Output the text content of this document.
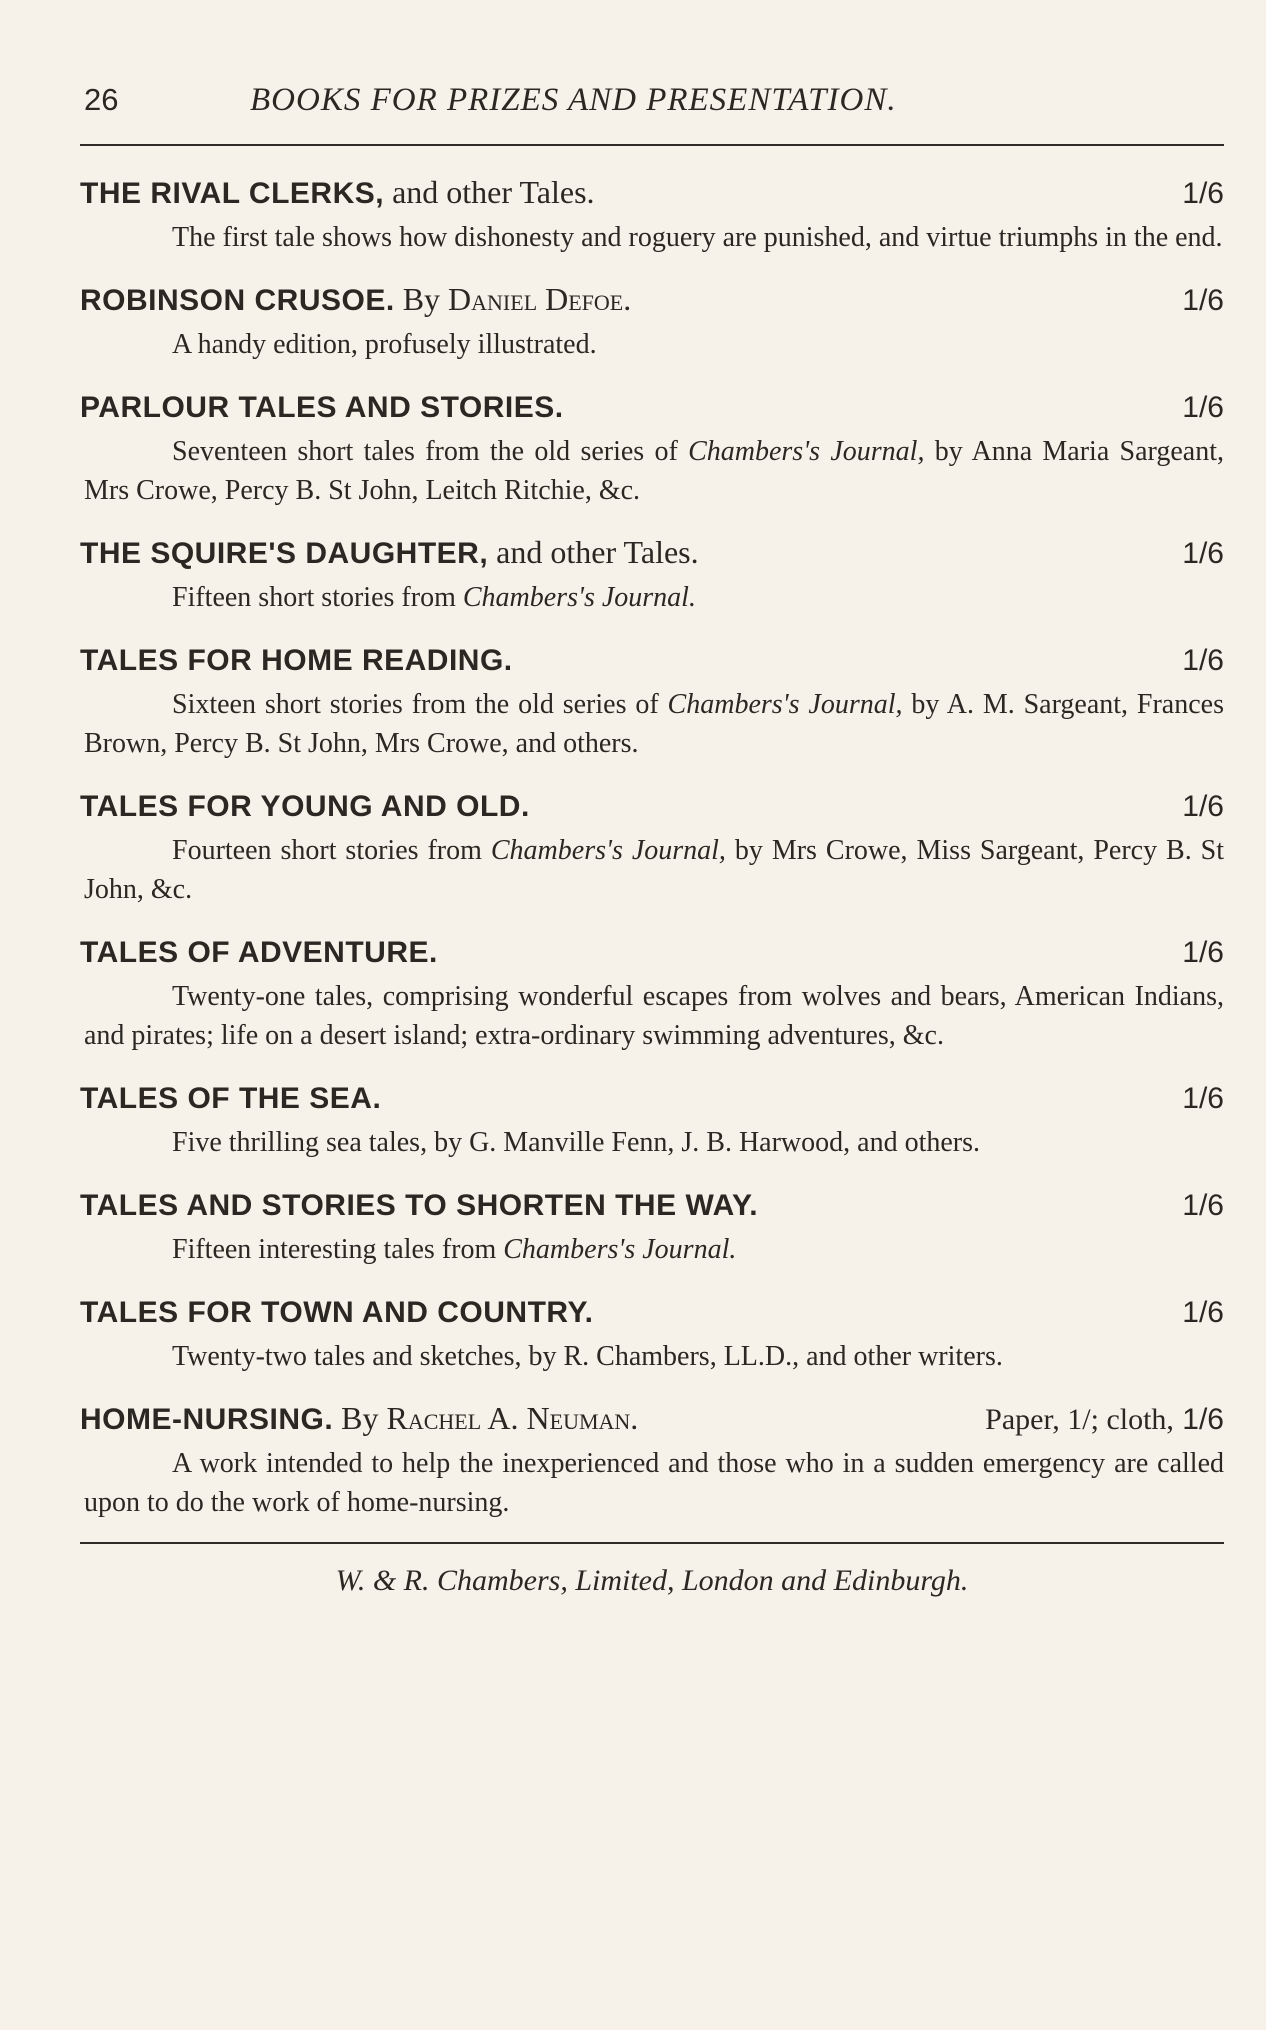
26	BOOKS FOR PRIZES AND PRESENTATION.
THE RIVAL CLERKS, and other Tales.	1/6
The first tale shows how dishonesty and roguery are punished, and virtue triumphs in the end.
ROBINSON CRUSOE. By Daniel Defoe.	1/6
A handy edition, profusely illustrated.
PARLOUR TALES AND STORIES.	1/6
Seventeen short tales from the old series of Chambers's Journal, by Anna Maria Sargeant, Mrs Crowe, Percy B. St John, Leitch Ritchie, &c.
THE SQUIRE'S DAUGHTER, and other Tales.	1/6
Fifteen short stories from Chambers's Journal.
TALES FOR HOME READING.	1/6
Sixteen short stories from the old series of Chambers's Journal, by A. M. Sargeant, Frances Brown, Percy B. St John, Mrs Crowe, and others.
TALES FOR YOUNG AND OLD.	1/6
Fourteen short stories from Chambers's Journal, by Mrs Crowe, Miss Sargeant, Percy B. St John, &c.
TALES OF ADVENTURE.	1/6
Twenty-one tales, comprising wonderful escapes from wolves and bears, American Indians, and pirates; life on a desert island; extra-ordinary swimming adventures, &c.
TALES OF THE SEA.	1/6
Five thrilling sea tales, by G. Manville Fenn, J. B. Harwood, and others.
TALES AND STORIES TO SHORTEN THE WAY.	1/6
Fifteen interesting tales from Chambers's Journal.
TALES FOR TOWN AND COUNTRY.	1/6
Twenty-two tales and sketches, by R. Chambers, LL.D., and other writers.
HOME-NURSING. By Rachel A. Neuman.	Paper, 1/; cloth, 1/6
A work intended to help the inexperienced and those who in a sudden emergency are called upon to do the work of home-nursing.
W. & R. Chambers, Limited, London and Edinburgh.
